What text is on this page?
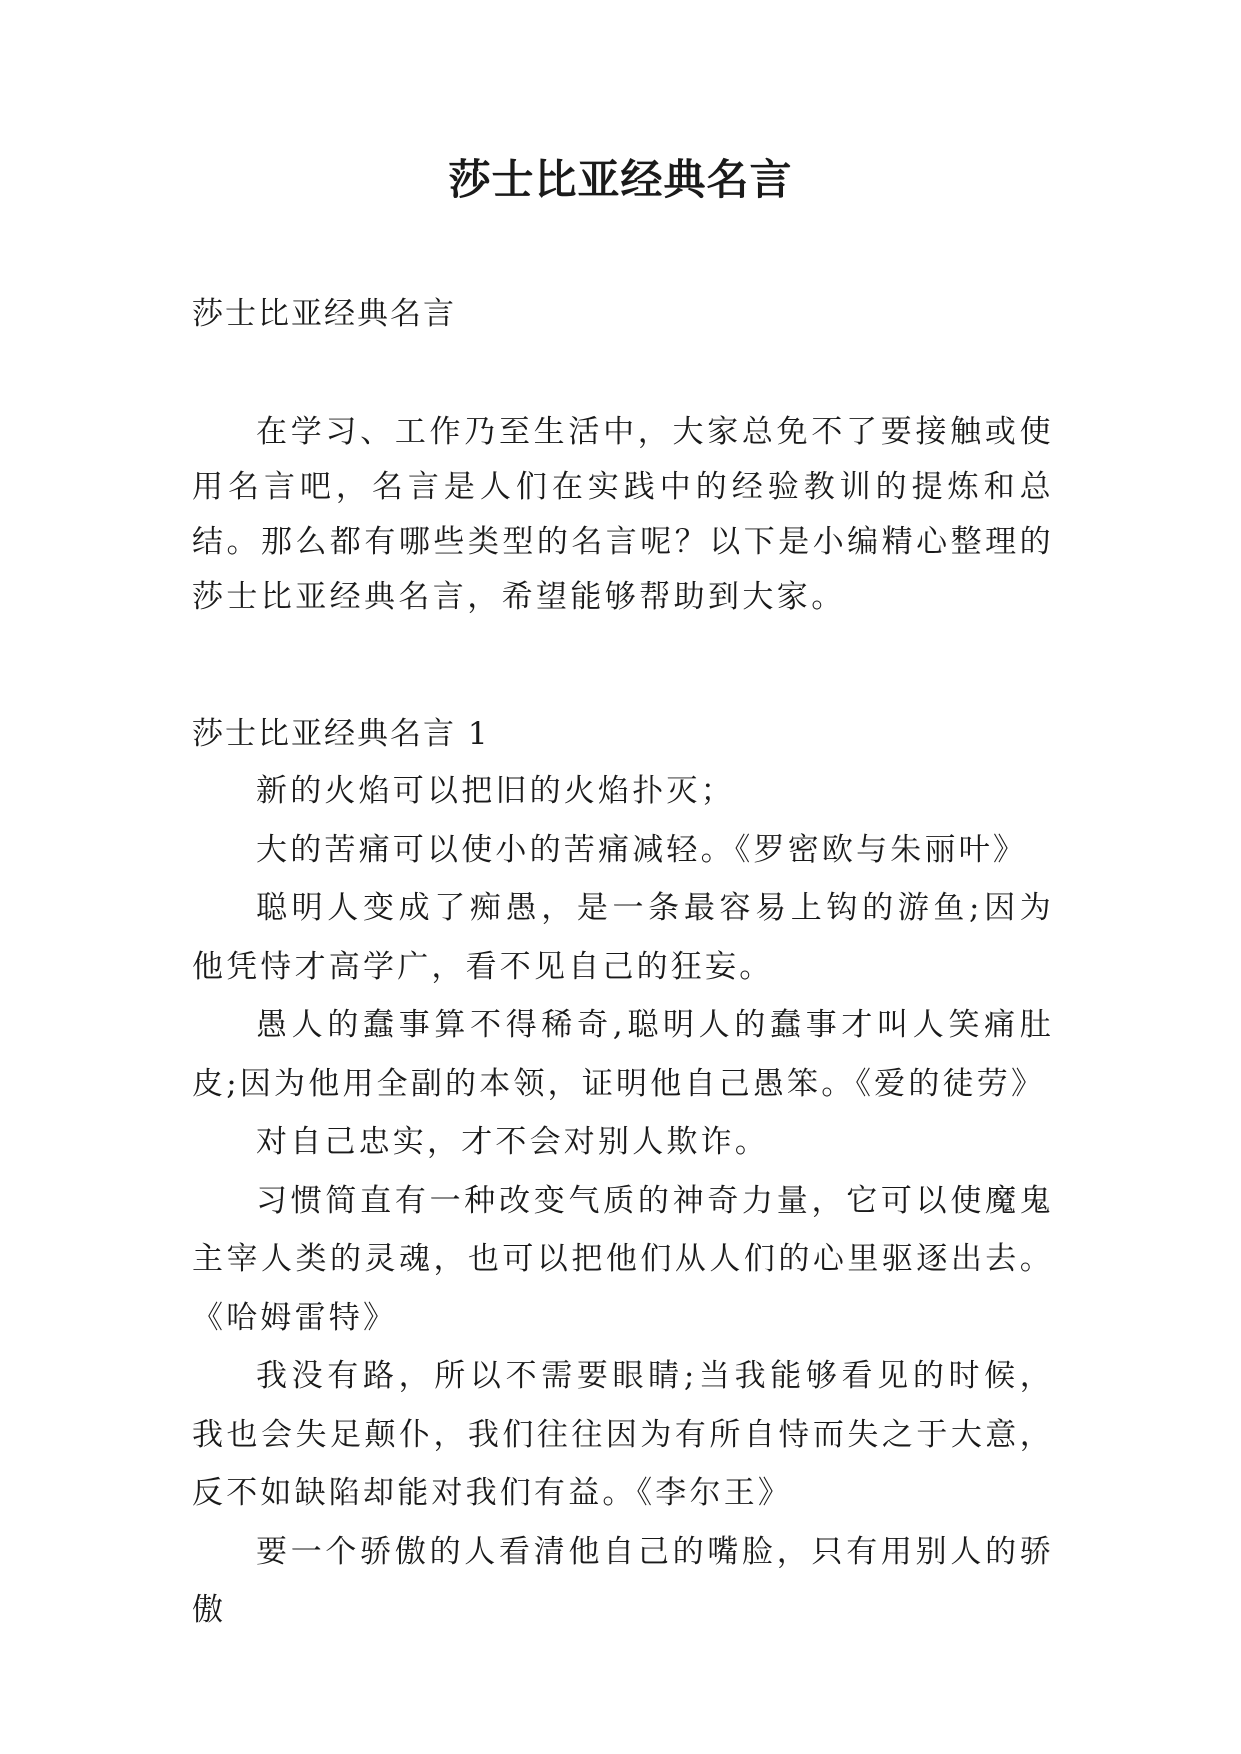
莎士比亚经典名言

莎士比亚经典名言

在学习、工作乃至生活中，大家总免不了要接触或使用名言吧，名言是人们在实践中的经验教训的提炼和总结。那么都有哪些类型的名言呢？以下是小编精心整理的莎士比亚经典名言，希望能够帮助到大家。

莎士比亚经典名言 1

新的火焰可以把旧的火焰扑灭；

大的苦痛可以使小的苦痛减轻。《罗密欧与朱丽叶》

聪明人变成了痴愚，是一条最容易上钩的游鱼;因为他凭恃才高学广，看不见自己的狂妄。

愚人的蠢事算不得稀奇,聪明人的蠢事才叫人笑痛肚皮;因为他用全副的本领，证明他自己愚笨。《爱的徒劳》

对自己忠实，才不会对别人欺诈。

习惯简直有一种改变气质的神奇力量，它可以使魔鬼主宰人类的灵魂，也可以把他们从人们的心里驱逐出去。《哈姆雷特》

我没有路，所以不需要眼睛;当我能够看见的时候，我也会失足颠仆，我们往往因为有所自恃而失之于大意，反不如缺陷却能对我们有益。《李尔王》

要一个骄傲的人看清他自己的嘴脸，只有用别人的骄傲
